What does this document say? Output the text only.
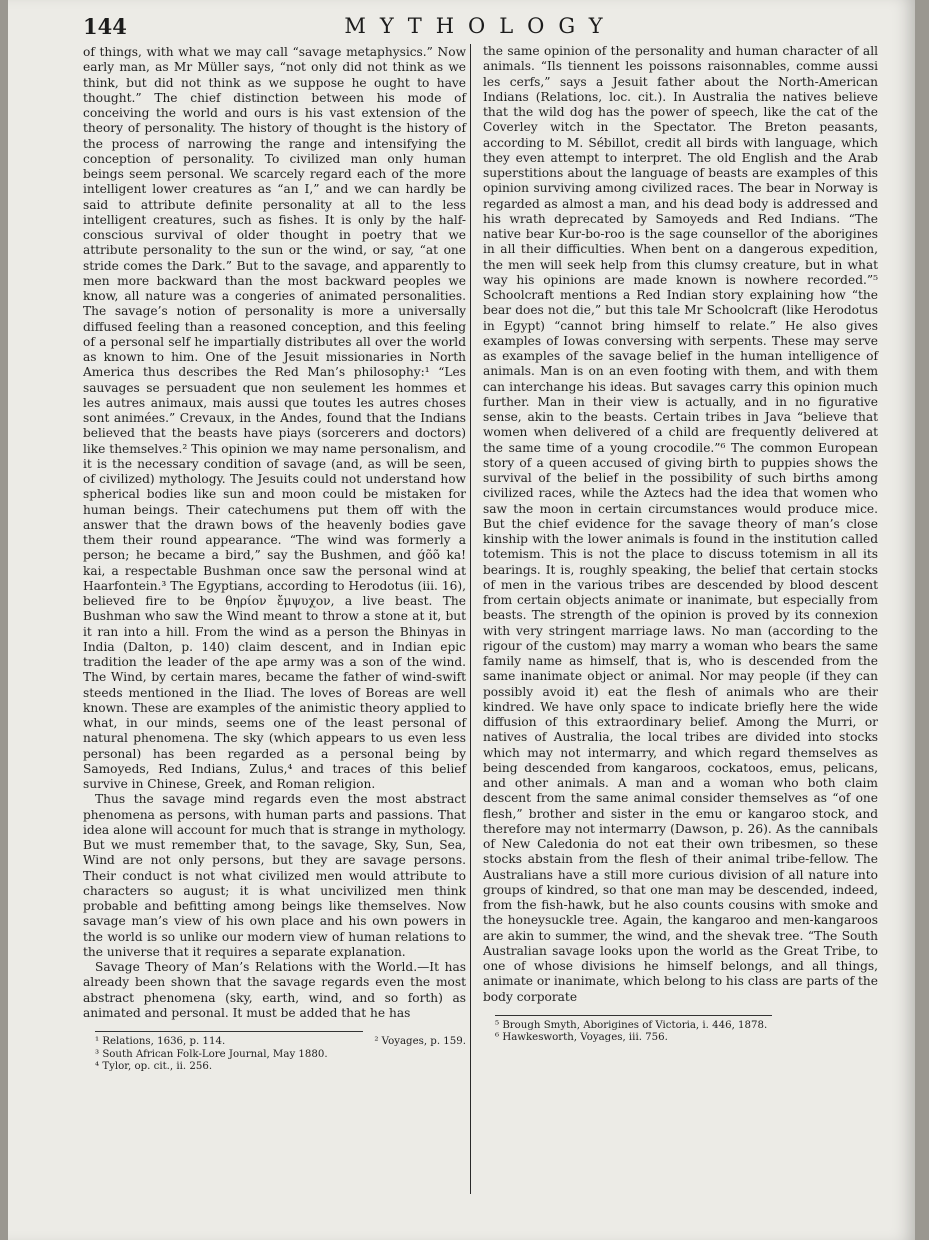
144	MYTHOLOGY

of things, with what we may call “savage metaphysics.” Now early man, as Mr Müller says, “not only did not think as we think, but did not think as we suppose he ought to have thought.” The chief distinction between his mode of conceiving the world and ours is his vast extension of the theory of personality. The history of thought is the history of the process of narrowing the range and intensifying the conception of personality. To civilized man only human beings seem personal. We scarcely regard each of the more intelligent lower creatures as “an I,” and we can hardly be said to attribute definite personality at all to the less intelligent creatures, such as fishes. It is only by the half-conscious survival of older thought in poetry that we attribute personality to the sun or the wind, or say, “at one stride comes the Dark.” But to the savage, and apparently to men more backward than the most backward peoples we know, all nature was a congeries of animated personalities. The savage’s notion of personality is more a universally diffused feeling than a reasoned conception, and this feeling of a personal self he impartially distributes all over the world as known to him. One of the Jesuit missionaries in North America thus describes the Red Man’s philosophy:¹ “Les sauvages se persuadent que non seulement les hommes et les autres animaux, mais aussi que toutes les autres choses sont animées.” Crevaux, in the Andes, found that the Indians believed that the beasts have piays (sorcerers and doctors) like themselves.² This opinion we may name personalism, and it is the necessary condition of savage (and, as will be seen, of civilized) mythology. The Jesuits could not understand how spherical bodies like sun and moon could be mistaken for human beings. Their catechumens put them off with the answer that the drawn bows of the heavenly bodies gave them their round appearance. “The wind was formerly a person; he became a bird,” say the Bushmen, and ǵõõ ka! kai, a respectable Bushman once saw the personal wind at Haarfontein.³ The Egyptians, according to Herodotus (iii. 16), believed fire to be θηρίον ἔμψυχον, a live beast. The Bushman who saw the Wind meant to throw a stone at it, but it ran into a hill. From the wind as a person the Bhinyas in India (Dalton, p. 140) claim descent, and in Indian epic tradition the leader of the ape army was a son of the wind. The Wind, by certain mares, became the father of wind-swift steeds mentioned in the Iliad. The loves of Boreas are well known. These are examples of the animistic theory applied to what, in our minds, seems one of the least personal of natural phenomena. The sky (which appears to us even less personal) has been regarded as a personal being by Samoyeds, Red Indians, Zulus,⁴ and traces of this belief survive in Chinese, Greek, and Roman religion.

Thus the savage mind regards even the most abstract phenomena as persons, with human parts and passions. That idea alone will account for much that is strange in mythology. But we must remember that, to the savage, Sky, Sun, Sea, Wind are not only persons, but they are savage persons. Their conduct is not what civilized men would attribute to characters so august; it is what uncivilized men think probable and befitting among beings like themselves. Now savage man’s view of his own place and his own powers in the world is so unlike our modern view of human relations to the universe that it requires a separate explanation.

Savage Theory of Man’s Relations with the World.—It has already been shown that the savage regards even the most abstract phenomena (sky, earth, wind, and so forth) as animated and personal. It must be added that he has

¹ Relations, 1636, p. 114.	² Voyages, p. 159.
³ South African Folk-Lore Journal, May 1880.
⁴ Tylor, op. cit., ii. 256.

the same opinion of the personality and human character of all animals. “Ils tiennent les poissons raisonnables, comme aussi les cerfs,” says a Jesuit father about the North-American Indians (Relations, loc. cit.). In Australia the natives believe that the wild dog has the power of speech, like the cat of the Coverley witch in the Spectator. The Breton peasants, according to M. Sébillot, credit all birds with language, which they even attempt to interpret. The old English and the Arab superstitions about the language of beasts are examples of this opinion surviving among civilized races. The bear in Norway is regarded as almost a man, and his dead body is addressed and his wrath deprecated by Samoyeds and Red Indians. “The native bear Kur-bo-roo is the sage counsellor of the aborigines in all their difficulties. When bent on a dangerous expedition, the men will seek help from this clumsy creature, but in what way his opinions are made known is nowhere recorded.”⁵ Schoolcraft mentions a Red Indian story explaining how “the bear does not die,” but this tale Mr Schoolcraft (like Herodotus in Egypt) “cannot bring himself to relate.” He also gives examples of Iowas conversing with serpents. These may serve as examples of the savage belief in the human intelligence of animals. Man is on an even footing with them, and with them can interchange his ideas. But savages carry this opinion much further. Man in their view is actually, and in no figurative sense, akin to the beasts. Certain tribes in Java “believe that women when delivered of a child are frequently delivered at the same time of a young crocodile.”⁶ The common European story of a queen accused of giving birth to puppies shows the survival of the belief in the possibility of such births among civilized races, while the Aztecs had the idea that women who saw the moon in certain circumstances would produce mice. But the chief evidence for the savage theory of man’s close kinship with the lower animals is found in the institution called totemism. This is not the place to discuss totemism in all its bearings. It is, roughly speaking, the belief that certain stocks of men in the various tribes are descended by blood descent from certain objects animate or inanimate, but especially from beasts. The strength of the opinion is proved by its connexion with very stringent marriage laws. No man (according to the rigour of the custom) may marry a woman who bears the same family name as himself, that is, who is descended from the same inanimate object or animal. Nor may people (if they can possibly avoid it) eat the flesh of animals who are their kindred. We have only space to indicate briefly here the wide diffusion of this extraordinary belief. Among the Murri, or natives of Australia, the local tribes are divided into stocks which may not intermarry, and which regard themselves as being descended from kangaroos, cockatoos, emus, pelicans, and other animals. A man and a woman who both claim descent from the same animal consider themselves as “of one flesh,” brother and sister in the emu or kangaroo stock, and therefore may not intermarry (Dawson, p. 26). As the cannibals of New Caledonia do not eat their own tribesmen, so these stocks abstain from the flesh of their animal tribe-fellow. The Australians have a still more curious division of all nature into groups of kindred, so that one man may be descended, indeed, from the fish-hawk, but he also counts cousins with smoke and the honeysuckle tree. Again, the kangaroo and men-kangaroos are akin to summer, the wind, and the shevak tree. “The South Australian savage looks upon the world as the Great Tribe, to one of whose divisions he himself belongs, and all things, animate or inanimate, which belong to his class are parts of the body corporate

⁵ Brough Smyth, Aborigines of Victoria, i. 446, 1878.
⁶ Hawkesworth, Voyages, iii. 756.
